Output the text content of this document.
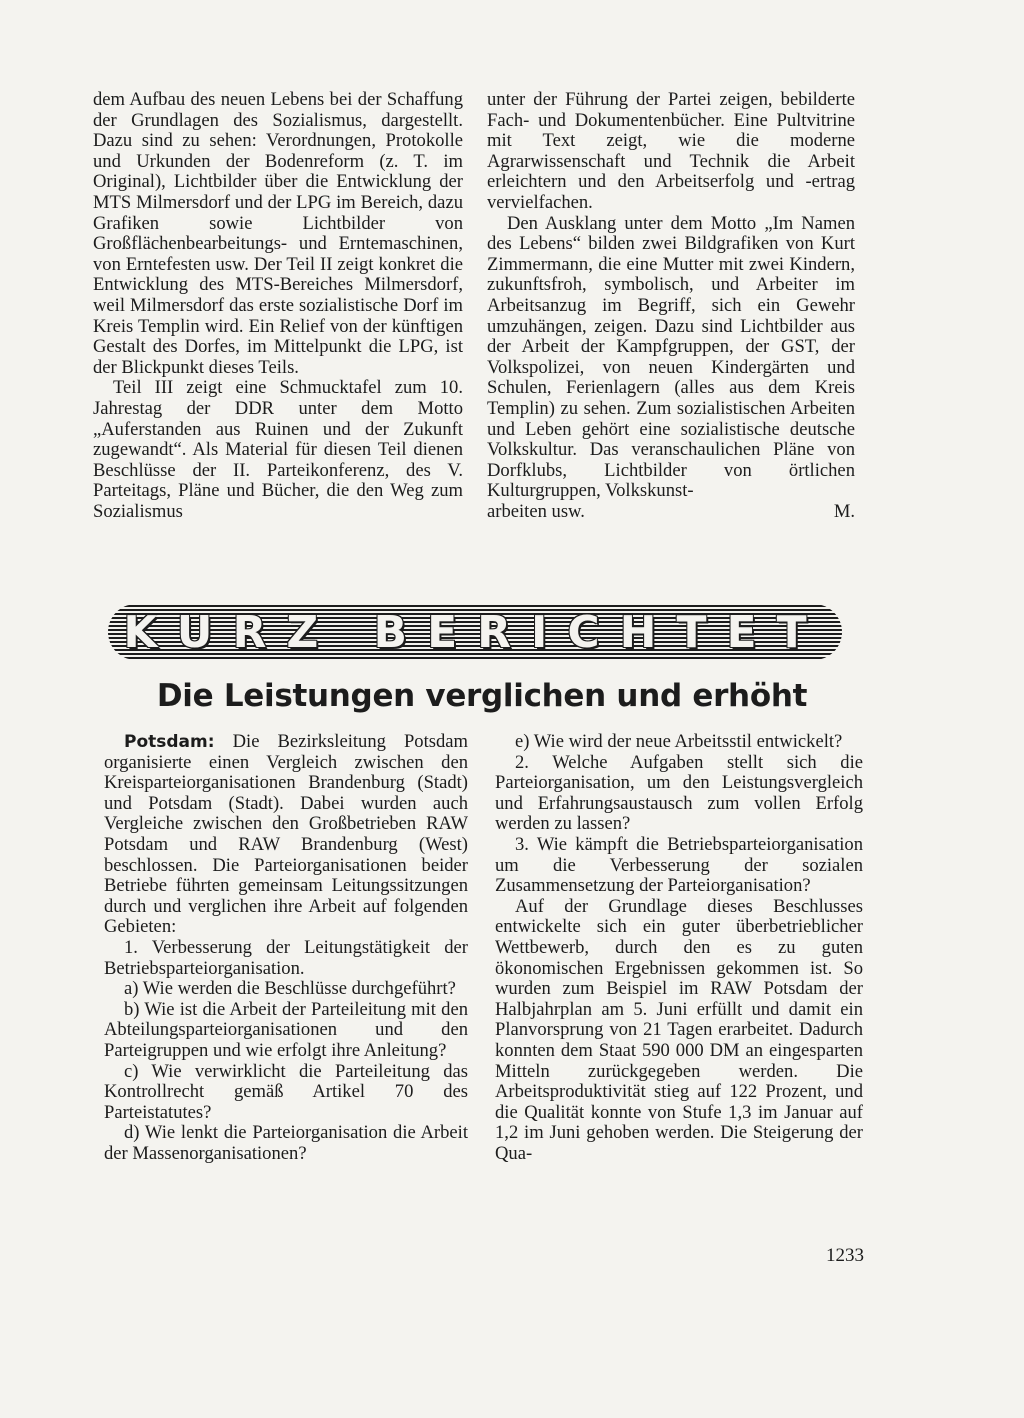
dem Aufbau des neuen Lebens bei der Schaffung der Grundlagen des Sozialismus, dargestellt. Dazu sind zu sehen: Verordnungen, Protokolle und Urkunden der Bodenreform (z. T. im Original), Lichtbilder über die Entwicklung der MTS Milmersdorf und der LPG im Bereich, dazu Grafiken sowie Lichtbilder von Großflächenbearbeitungs- und Erntemaschinen, von Erntefesten usw. Der Teil II zeigt konkret die Entwicklung des MTS-Bereiches Milmersdorf, weil Milmersdorf das erste sozialistische Dorf im Kreis Templin wird. Ein Relief von der künftigen Gestalt des Dorfes, im Mittelpunkt die LPG, ist der Blickpunkt dieses Teils.

Teil III zeigt eine Schmucktafel zum 10. Jahrestag der DDR unter dem Motto „Auferstanden aus Ruinen und der Zukunft zugewandt“. Als Material für diesen Teil dienen Beschlüsse der II. Parteikonferenz, des V. Parteitags, Pläne und Bücher, die den Weg zum Sozialismus

unter der Führung der Partei zeigen, bebilderte Fach- und Dokumentenbücher. Eine Pultvitrine mit Text zeigt, wie die moderne Agrarwissenschaft und Technik die Arbeit erleichtern und den Arbeitserfolg und -ertrag vervielfachen.

Den Ausklang unter dem Motto „Im Namen des Lebens“ bilden zwei Bildgrafiken von Kurt Zimmermann, die eine Mutter mit zwei Kindern, zukunftsfroh, symbolisch, und Arbeiter im Arbeitsanzug im Begriff, sich ein Gewehr umzuhängen, zeigen. Dazu sind Lichtbilder aus der Arbeit der Kampfgruppen, der GST, der Volkspolizei, von neuen Kindergärten und Schulen, Ferienlagern (alles aus dem Kreis Templin) zu sehen. Zum sozialistischen Arbeiten und Leben gehört eine sozialistische deutsche Volkskultur. Das veranschaulichen Pläne von Dorfklubs, Lichtbilder von örtlichen Kulturgruppen, Volkskunst-

arbeiten usw.	M.
KURZ BERICHTET
Die Leistungen verglichen und erhöht

Potsdam: Die Bezirksleitung Potsdam organisierte einen Vergleich zwischen den Kreisparteiorganisationen Brandenburg (Stadt) und Potsdam (Stadt). Dabei wurden auch Vergleiche zwischen den Großbetrieben RAW Potsdam und RAW Brandenburg (West) beschlossen. Die Parteiorganisationen beider Betriebe führten gemeinsam Leitungssitzungen durch und verglichen ihre Arbeit auf folgenden Gebieten:

1. Verbesserung der Leitungstätigkeit der Betriebsparteiorganisation.

a) Wie werden die Beschlüsse durchgeführt?

b) Wie ist die Arbeit der Parteileitung mit den Abteilungsparteiorganisationen und den Parteigruppen und wie erfolgt ihre Anleitung?

c) Wie verwirklicht die Parteileitung das Kontrollrecht gemäß Artikel 70 des Parteistatutes?

d) Wie lenkt die Parteiorganisation die Arbeit der Massenorganisationen?

e) Wie wird der neue Arbeitsstil entwickelt?

2. Welche Aufgaben stellt sich die Parteiorganisation, um den Leistungsvergleich und Erfahrungsaustausch zum vollen Erfolg werden zu lassen?

3. Wie kämpft die Betriebsparteiorganisation um die Verbesserung der sozialen Zusammensetzung der Parteiorganisation?

Auf der Grundlage dieses Beschlusses entwickelte sich ein guter überbetrieblicher Wettbewerb, durch den es zu guten ökonomischen Ergebnissen gekommen ist. So wurden zum Beispiel im RAW Potsdam der Halbjahrplan am 5. Juni erfüllt und damit ein Planvorsprung von 21 Tagen erarbeitet. Dadurch konnten dem Staat 590 000 DM an eingesparten Mitteln zurückgegeben werden. Die Arbeitsproduktivität stieg auf 122 Prozent, und die Qualität konnte von Stufe 1,3 im Januar auf 1,2 im Juni gehoben werden. Die Steigerung der Qua-

1233
